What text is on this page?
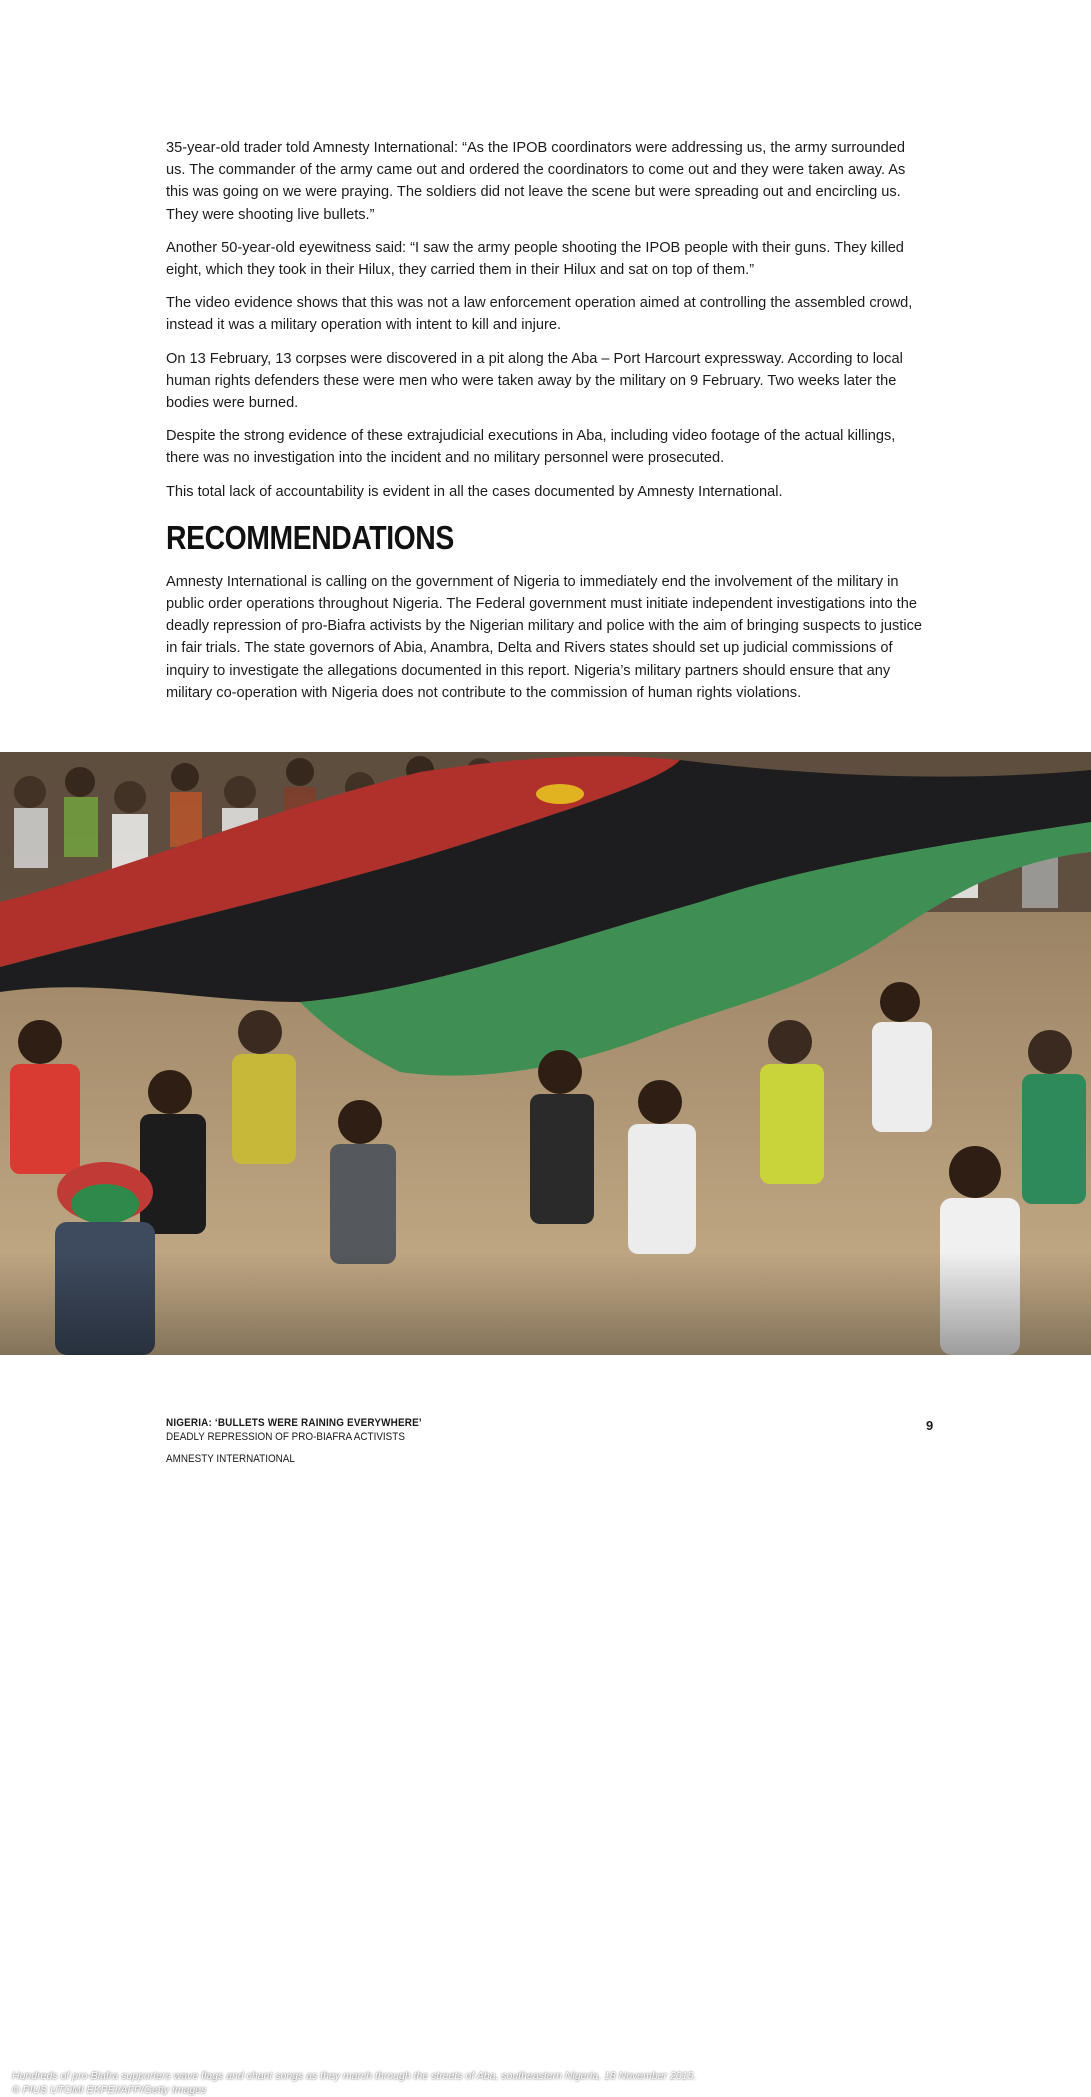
35-year-old trader told Amnesty International: “As the IPOB coordinators were addressing us, the army surrounded us. The commander of the army came out and ordered the coordinators to come out and they were taken away. As this was going on we were praying. The soldiers did not leave the scene but were spreading out and encircling us. They were shooting live bullets.”

Another 50-year-old eyewitness said: “I saw the army people shooting the IPOB people with their guns. They killed eight, which they took in their Hilux, they carried them in their Hilux and sat on top of them.”

The video evidence shows that this was not a law enforcement operation aimed at controlling the assembled crowd, instead it was a military operation with intent to kill and injure.

On 13 February, 13 corpses were discovered in a pit along the Aba – Port Harcourt expressway. According to local human rights defenders these were men who were taken away by the military on 9 February. Two weeks later the bodies were burned.

Despite the strong evidence of these extrajudicial executions in Aba, including video footage of the actual killings, there was no investigation into the incident and no military personnel were prosecuted.

This total lack of accountability is evident in all the cases documented by Amnesty International.

RECOMMENDATIONS

Amnesty International is calling on the government of Nigeria to immediately end the involvement of the military in public order operations throughout Nigeria. The Federal government must initiate independent investigations into the deadly repression of pro-Biafra activists by the Nigerian military and police with the aim of bringing suspects to justice in fair trials. The state governors of Abia, Anambra, Delta and Rivers states should set up judicial commissions of inquiry to investigate the allegations documented in this report. Nigeria’s military partners should ensure that any military co-operation with Nigeria does not contribute to the commission of human rights violations.

Hundreds of pro-Biafra supporters wave flags and chant songs as they march through the streets of Aba, southeastern Nigeria, 18 November 2015.
© PIUS UTOMI EKPEI/AFP/Getty Images
NIGERIA: ‘BULLETS WERE RAINING EVERYWHERE’
DEADLY REPRESSION OF PRO-BIAFRA ACTIVISTS
AMNESTY INTERNATIONAL
9
